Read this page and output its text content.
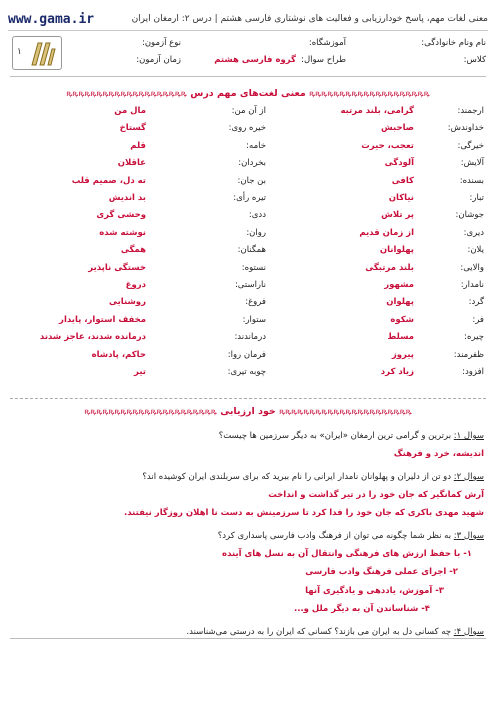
www.gama.ir	معنی لغات مهم، پاسخ خودارزیابی و فعالیت های نوشتاری فارسی هشتم | درس ۲: ارمغان ایران
نام ونام خانوادگی:
آموزشگاه:
نوع آزمون:
کلاس:
طراح سوال:
گروه فارسی هشتم
زمان آزمون:
۱
ꝶꝶꝶꝶꝶꝶꝶꝶꝶꝶꝶꝶꝶꝶꝶꝶꝶꝶꝶꝶ معنی لغت‌های مهم درس ꝶꝶꝶꝶꝶꝶꝶꝶꝶꝶꝶꝶꝶꝶꝶꝶꝶꝶꝶꝶ
ارجمند:
گرامی، بلند مرتبه
از آن من:
مال من
خداوندش:
صاحبش
خیره روی:
گستاخ
خیرگی:
تعجب، حیرت
خامه:
قلم
آلایش:
آلودگی
بخردان:
عاقلان
بسنده:
کافی
بن جان:
ته دل، صمیم قلب
تبار:
نیاکان
تیره رأی:
بد اندیش
جوشان:
پر تلاش
ددی:
وحشی گری
دیری:
از زمان قدیم
روان:
نوشته شده
یلان:
پهلوانان
همگنان:
همگی
والایی:
بلند مرتبگی
نستوه:
خستگی ناپذیر
نامدار:
مشهور
ناراستی:
دروغ
گرد:
پهلوان
فروغ:
روشنایی
فر:
شکوه
ستوار:
مخفف استوار، پایدار
چیره:
مسلط
درماندند:
درمانده شدند، عاجز شدند
ظفرمند:
پیروز
فرمان روا:
حاکم، پادشاه
افزود:
زیاد کرد
چوبه تیری:
تیر
ꝶꝶꝶꝶꝶꝶꝶꝶꝶꝶꝶꝶꝶꝶꝶꝶꝶꝶꝶꝶꝶꝶ خود ارزیابی ꝶꝶꝶꝶꝶꝶꝶꝶꝶꝶꝶꝶꝶꝶꝶꝶꝶꝶꝶꝶꝶꝶ
سوال ۱: برترین و گرامی ترین ارمغان «ایران» به دیگر سرزمین ها چیست؟
اندیشه، خرد و فرهنگ
سوال ۲: دو تن از دلیران و پهلوانان نامدار ایرانی را نام ببرید که برای سربلندی ایران کوشیده اند؟
آرش کمانگیر که جان خود را در تیر گذاشت و انداخت
شهید مهدی باکری که جان خود را فدا کرد تا سرزمینش به دست نا اهلان روزگار نیفتند.
سوال ۳: به نظر شما چگونه می توان از فرهنگ وادب فارسی پاسداری کرد؟
۱- با حفظ ارزش های فرهنگی وانتقال آن به نسل های آینده
۲- اجرای عملی فرهنگ وادب فارسی
۳- آموزش، یاددهی و یادگیری آنها
۴- شناساندن آن به دیگر ملل و...
سوال ۴: چه کسانی دل به ایران می بازند؟ کسانی که ایران را به درستی می‌شناسند.
